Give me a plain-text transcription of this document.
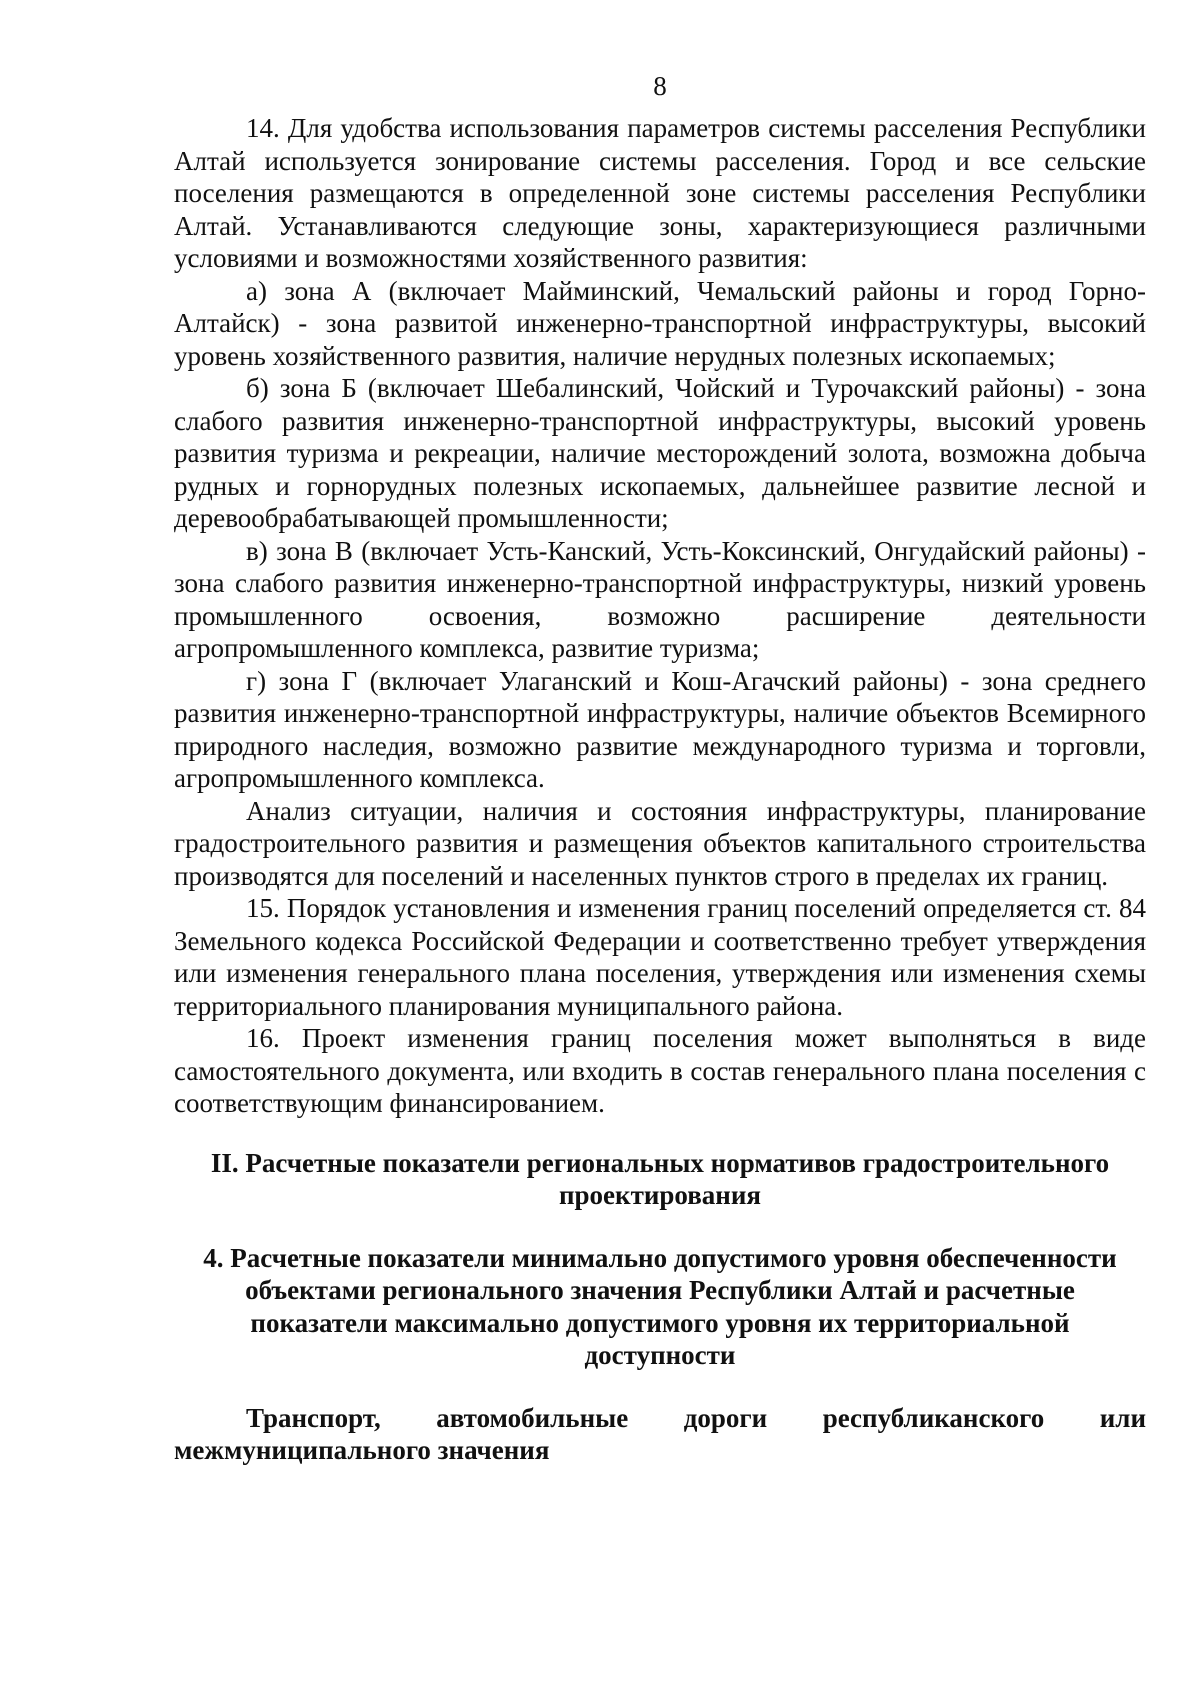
8

14. Для удобства использования параметров системы расселения Республики Алтай используется зонирование системы расселения. Город и все сельские поселения размещаются в определенной зоне системы расселения Республики Алтай. Устанавливаются следующие зоны, характеризующиеся различными условиями и возможностями хозяйственного развития:

а) зона А (включает Майминский, Чемальский районы и город Горно-Алтайск) - зона развитой инженерно-транспортной инфраструктуры, высокий уровень хозяйственного развития, наличие нерудных полезных ископаемых;

б) зона Б (включает Шебалинский, Чойский и Турочакский районы) - зона слабого развития инженерно-транспортной инфраструктуры, высокий уровень развития туризма и рекреации, наличие месторождений золота, возможна добыча рудных и горнорудных полезных ископаемых, дальнейшее развитие лесной и деревообрабатывающей промышленности;

в) зона В (включает Усть-Канский, Усть-Коксинский, Онгудайский районы) - зона слабого развития инженерно-транспортной инфраструктуры, низкий уровень промышленного освоения, возможно расширение деятельности агропромышленного комплекса, развитие туризма;

г) зона Г (включает Улаганский и Кош-Агачский районы) - зона среднего развития инженерно-транспортной инфраструктуры, наличие объектов Всемирного природного наследия, возможно развитие международного туризма и торговли, агропромышленного комплекса.

Анализ ситуации, наличия и состояния инфраструктуры, планирование градостроительного развития и размещения объектов капитального строительства производятся для поселений и населенных пунктов строго в пределах их границ.

15. Порядок установления и изменения границ поселений определяется ст. 84 Земельного кодекса Российской Федерации и соответственно требует утверждения или изменения генерального плана поселения, утверждения или изменения схемы территориального планирования муниципального района.

16. Проект изменения границ поселения может выполняться в виде самостоятельного документа, или входить в состав генерального плана поселения с соответствующим финансированием.

II. Расчетные показатели региональных нормативов градостроительного проектирования
4. Расчетные показатели минимально допустимого уровня обеспеченности объектами регионального значения Республики Алтай и расчетные показатели максимально допустимого уровня их территориальной доступности
Транспорт, автомобильные дороги республиканского или
межмуниципального значения
